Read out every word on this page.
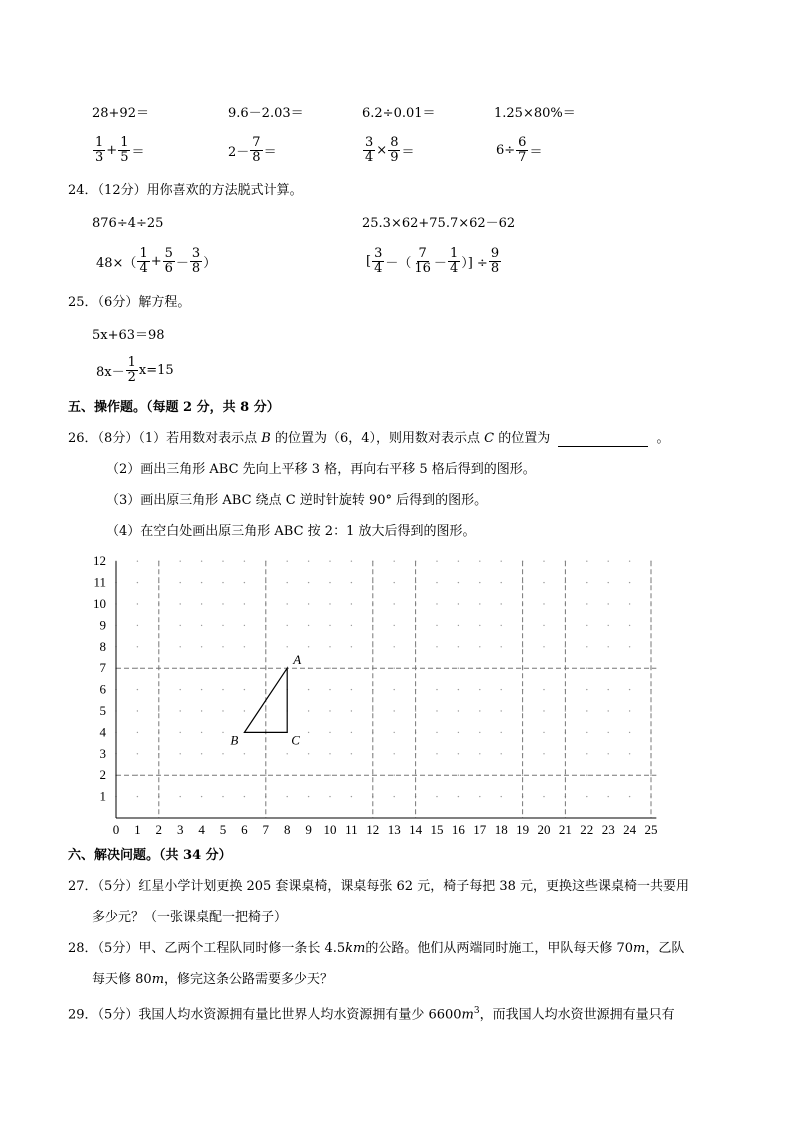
28+92＝	9.6－2.03＝	6.2÷0.01＝	1.25×80%＝
$\frac{1}{3} + \frac{1}{5}$ ＝	$2- \frac{7}{8}$ ＝	$\frac{3}{4} \times \frac{8}{9}$ ＝	$6\div \frac{6}{7}$ ＝
24．（12分）用你喜欢的方法脱式计算。
876÷4÷25	25.3×62+75.7×62－62
$48\times( \frac{1}{4} + \frac{5}{6} - \frac{3}{8}$ ）	[ $\frac{3}{4}$ －（ $\frac{7}{16} - \frac{1}{4}$ ）] ÷ $\frac{9}{8}$
25．（6分）解方程。
5x+63＝98
$8x- \frac{1}{2} x=15$
五、操作题。（每题 2 分，共 8 分）
26．（8分）（1）若用数对表示点 B 的位置为（6，4），则用数对表示点 C 的位置为	。
（2）画出三角形 ABC 先向上平移 3 格，再向右平移 5 格后得到的图形。
（3）画出原三角形 ABC 绕点 C 逆时针旋转 90° 后得到的图形。
（4）在空白处画出原三角形 ABC 按 2：1 放大后得到的图形。
0 1 2 3 4 5 6 7 8 9 10 11 12 13 14 15 16 17 18 19 20 21 22 23 24 25
1
2
3
4
5
6
7
8
9
10
11
12
A
B	C
六、解决问题。（共 34 分）
27．（5分）红星小学计划更换 205 套课桌椅，课桌每张 62 元，椅子每把 38 元，更换这些课桌椅一共要用
多少元？（一张课桌配一把椅子）
28．（5分）甲、乙两个工程队同时修一条长 4.5km的公路。他们从两端同时施工，甲队每天修 70m，乙队
每天修 80m，修完这条公路需要多少天？
29．（5分）我国人均水资源拥有量比世界人均水资源拥有量少 $6600m^3$，而我国人均水资世源拥有量只有
